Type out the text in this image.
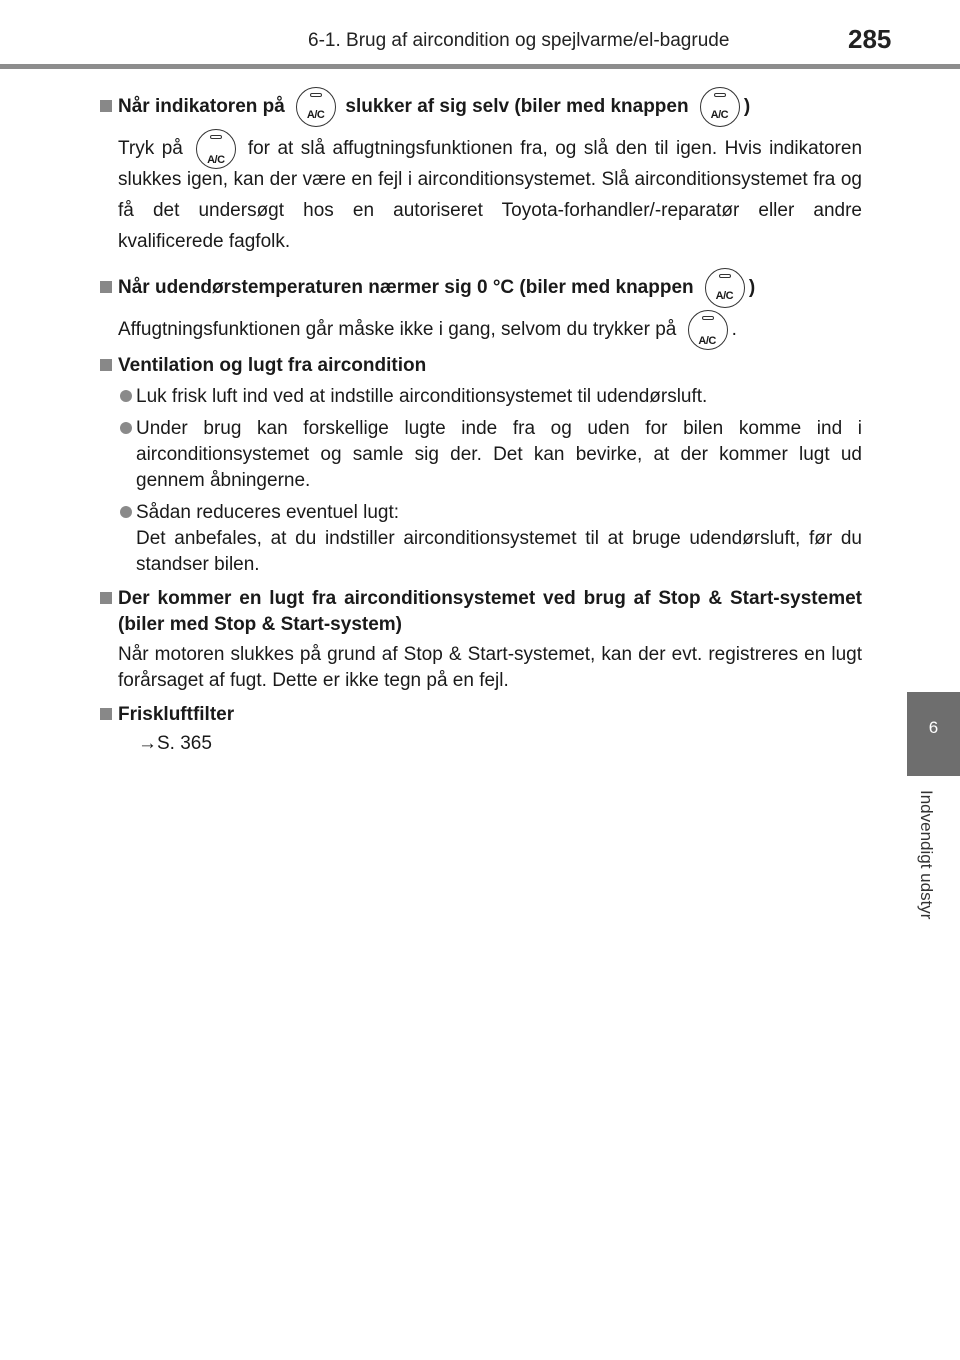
6-1. Brug af aircondition og spejlvarme/el-bagrude	285
6
Indvendigt udstyr
Når indikatoren på	A/C	slukker af sig selv (biler med knappen	A/C )
Tryk på
A/C
for at slå affugtningsfunktionen fra, og slå den til igen. Hvis indikatoren slukkes igen, kan der være en fejl i airconditionsystemet. Slå airconditionsystemet fra og få det undersøgt hos en autoriseret Toyota-forhandler/-reparatør eller andre kvalificerede fagfolk.
Når udendørstemperaturen nærmer sig 0 °C (biler med knappen	A/C )
Affugtningsfunktionen går måske ikke i gang, selvom du trykker på
A/C
.
Ventilation og lugt fra aircondition
Luk frisk luft ind ved at indstille airconditionsystemet til udendørsluft.
Under brug kan forskellige lugte inde fra og uden for bilen komme ind i airconditionsystemet og samle sig der. Det kan bevirke, at der kommer lugt ud gennem åbningerne.
Sådan reduceres eventuel lugt:
Det anbefales, at du indstiller airconditionsystemet til at bruge udendørsluft, før du standser bilen.
Der kommer en lugt fra airconditionsystemet ved brug af Stop & Start-systemet (biler med Stop & Start-system)
Når motoren slukkes på grund af Stop & Start-systemet, kan der evt. registreres en lugt forårsaget af fugt. Dette er ikke tegn på en fejl.
Friskluftfilter
→S. 365
